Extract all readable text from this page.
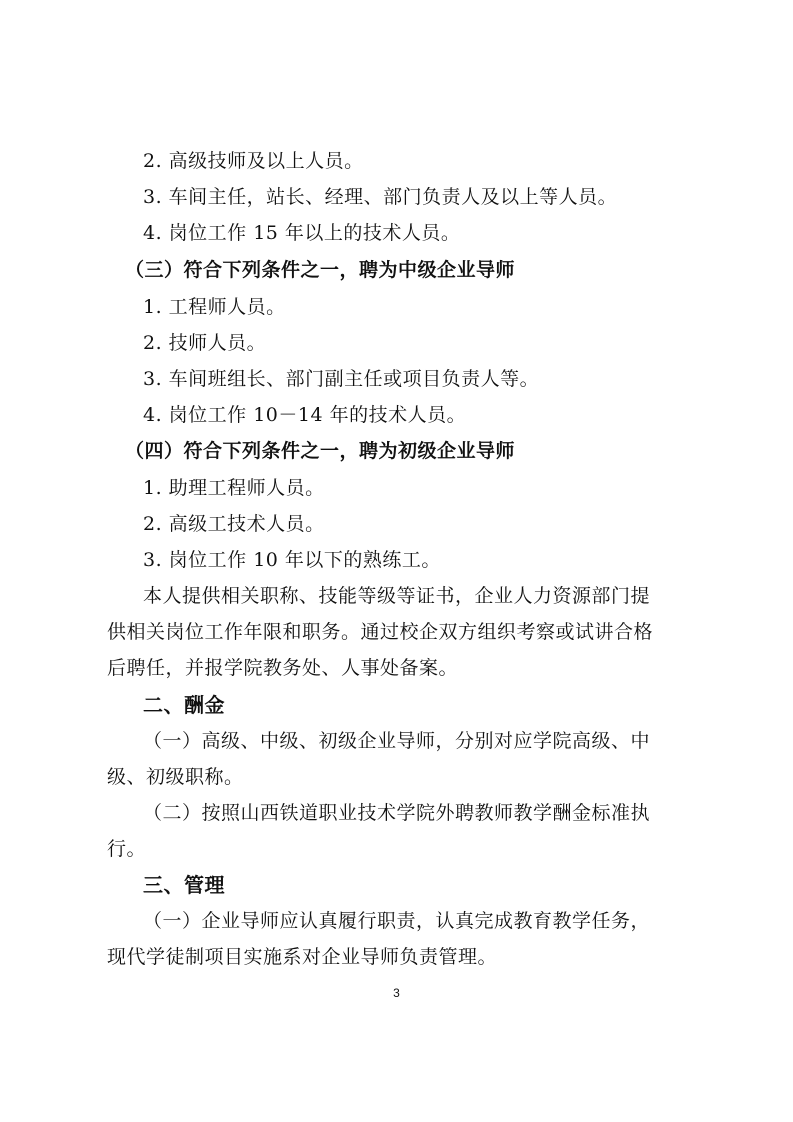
2. 高级技师及以上人员。
3. 车间主任，站长、经理、部门负责人及以上等人员。
4. 岗位工作 15 年以上的技术人员。
（三）符合下列条件之一，聘为中级企业导师
1. 工程师人员。
2. 技师人员。
3. 车间班组长、部门副主任或项目负责人等。
4. 岗位工作 10－14 年的技术人员。
（四）符合下列条件之一，聘为初级企业导师
1. 助理工程师人员。
2. 高级工技术人员。
3. 岗位工作 10 年以下的熟练工。
本人提供相关职称、技能等级等证书，企业人力资源部门提
供相关岗位工作年限和职务。通过校企双方组织考察或试讲合格
后聘任，并报学院教务处、人事处备案。
二、酬金
（一）高级、中级、初级企业导师，分别对应学院高级、中
级、初级职称。
（二）按照山西铁道职业技术学院外聘教师教学酬金标准执
行。
三、管理
（一）企业导师应认真履行职责，认真完成教育教学任务，
现代学徒制项目实施系对企业导师负责管理。
3
